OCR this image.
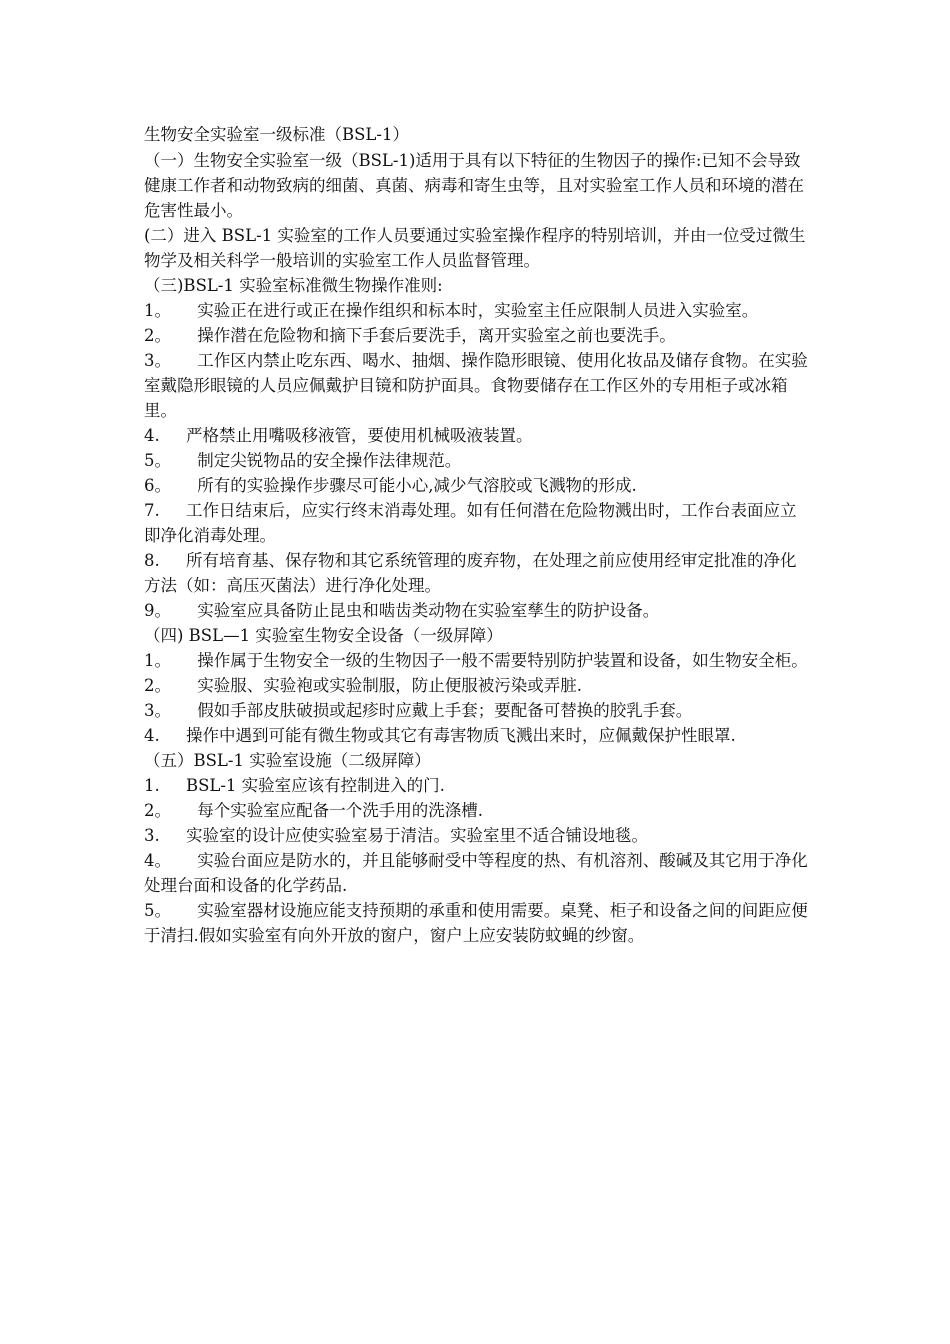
生物安全实验室一级标准（BSL-1）

（一）生物安全实验室一级（BSL-1)适用于具有以下特征的生物因子的操作:已知不会导致健康工作者和动物致病的细菌、真菌、病毒和寄生虫等，且对实验室工作人员和环境的潜在危害性最小。

(二）进入 BSL-1 实验室的工作人员要通过实验室操作程序的特别培训，并由一位受过微生物学及相关科学一般培训的实验室工作人员监督管理。

（三)BSL-1 实验室标准微生物操作准则:

1。     实验正在进行或正在操作组织和标本时，实验室主任应限制人员进入实验室。

2。     操作潜在危险物和摘下手套后要洗手，离开实验室之前也要洗手。

3。     工作区内禁止吃东西、喝水、抽烟、操作隐形眼镜、使用化妆品及储存食物。在实验室戴隐形眼镜的人员应佩戴护目镜和防护面具。食物要储存在工作区外的专用柜子或冰箱里。

4.     严格禁止用嘴吸移液管，要使用机械吸液装置。

5。     制定尖锐物品的安全操作法律规范。

6。     所有的实验操作步骤尽可能小心,减少气溶胶或飞溅物的形成.

7.     工作日结束后，应实行终末消毒处理。如有任何潜在危险物溅出时，工作台表面应立即净化消毒处理。

8.     所有培育基、保存物和其它系统管理的废弃物，在处理之前应使用经审定批准的净化方法（如：高压灭菌法）进行净化处理。

9。     实验室应具备防止昆虫和啮齿类动物在实验室孳生的防护设备。

（四) BSL—1 实验室生物安全设备（一级屏障）

1。     操作属于生物安全一级的生物因子一般不需要特别防护装置和设备，如生物安全柜。

2。     实验服、实验袍或实验制服，防止便服被污染或弄脏.

3。     假如手部皮肤破损或起疹时应戴上手套；要配备可替换的胶乳手套。

4.     操作中遇到可能有微生物或其它有毒害物质飞溅出来时，应佩戴保护性眼罩.

（五）BSL-1 实验室设施（二级屏障）

1.     BSL-1 实验室应该有控制进入的门.

2。     每个实验室应配备一个洗手用的洗涤槽.

3.     实验室的设计应使实验室易于清洁。实验室里不适合铺设地毯。

4。     实验台面应是防水的，并且能够耐受中等程度的热、有机溶剂、酸碱及其它用于净化处理台面和设备的化学药品.

5。     实验室器材设施应能支持预期的承重和使用需要。桌凳、柜子和设备之间的间距应便于清扫.假如实验室有向外开放的窗户，窗户上应安装防蚊蝇的纱窗。
